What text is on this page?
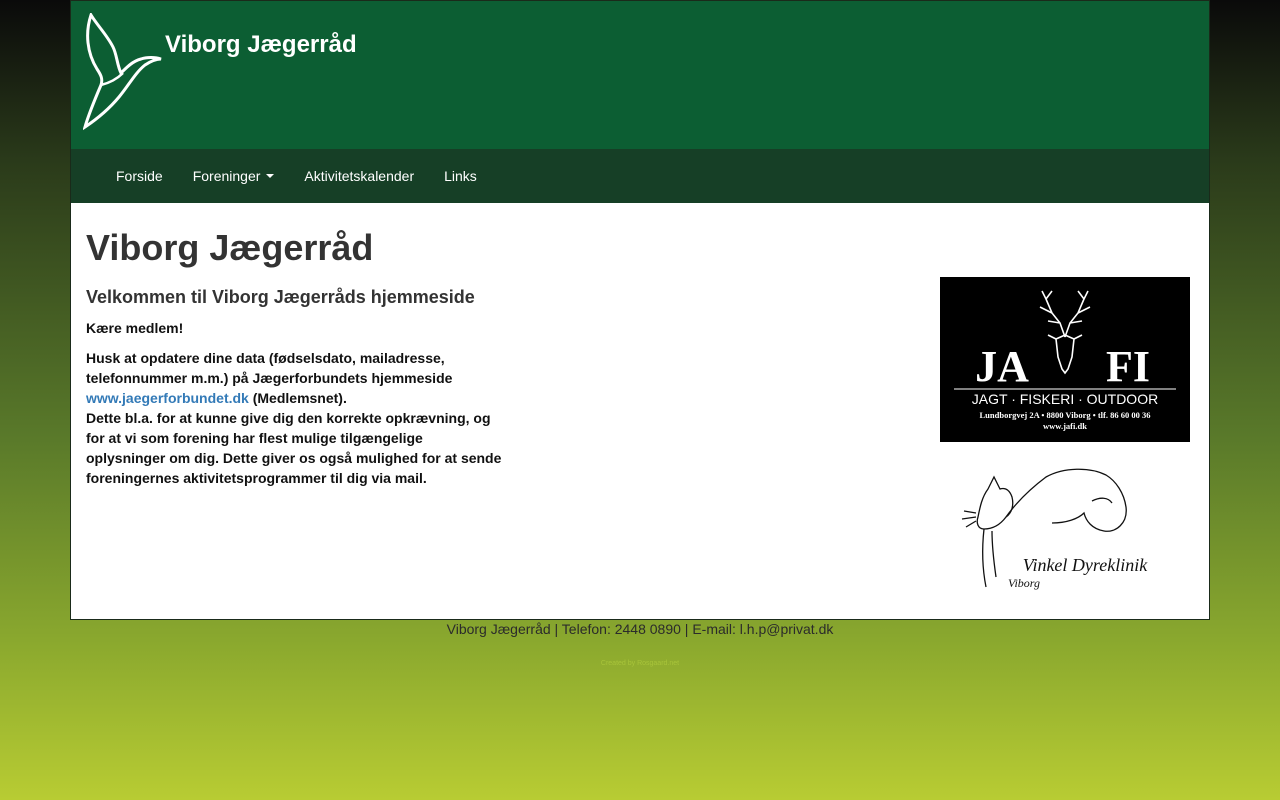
Viborg Jægerråd
Forside Foreninger	Aktivitetskalender Links
Viborg Jægerråd
Velkommen til Viborg Jægerråds hjemmeside

Kære medlem!

Husk at opdatere dine data (fødselsdato, mailadresse, telefonnummer m.m.) på Jægerforbundets hjemmeside
www.jaegerforbundet.dk (Medlemsnet).
Dette bl.a. for at kunne give dig den korrekte opkrævning, og for at vi som forening har flest mulige tilgængelige oplysninger om dig. Dette giver os også mulighed for at sende foreningernes aktivitetsprogrammer til dig via mail.

JA FI
JAGT · FISKERI · OUTDOOR
Lundborgvej 2A • 8800 Viborg • tlf. 86 60 00 36
www.jafi.dk

Vinkel Dyreklinik
Viborg
Viborg Jægerråd | Telefon: 2448 0890 | E-mail: l.h.p@privat.dk
Created by Rosgaard.net
